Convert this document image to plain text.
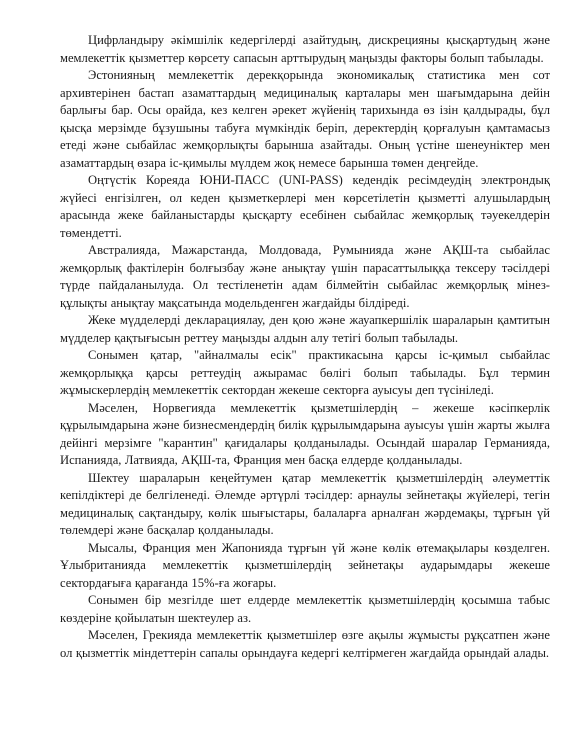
Цифрландыру әкімшілік кедергілерді азайтудың, дискрецияны қысқартудың және мемлекеттік қызметтер көрсету сапасын арттырудың маңызды факторы болып табылады.

Эстонияның мемлекеттік дерекқорында экономикалық статистика мен сот архивтерінен бастап азаматтардың медициналық карталары мен шағымдарына дейін барлығы бар. Осы орайда, кез келген әрекет жүйенің тарихында өз ізін қалдырады, бұл қысқа мерзімде бұзушыны табуға мүмкіндік беріп, деректердің қорғалуын қамтамасыз етеді және сыбайлас жемқорлықты барынша азайтады. Оның үстіне шенеуніктер мен азаматтардың өзара іс-қимылы мүлдем жоқ немесе барынша төмен деңгейде.

Оңтүстік Кореяда ЮНИ-ПАСС (UNI-PASS) кедендік ресімдеудің электрондық жүйесі енгізілген, ол кеден қызметкерлері мен көрсетілетін қызметті алушылардың арасында жеке байланыстарды қысқарту есебінен сыбайлас жемқорлық тәуекелдерін төмендетті.

Австралияда, Мажарстанда, Молдовада, Румынияда және АҚШ-та сыбайлас жемқорлық фактілерін болғызбау және анықтау үшін парасаттылыққа тексеру тәсілдері түрде пайдаланылуда. Ол тестіленетін адам білмейтін сыбайлас жемқорлық мінез-құлықты анықтау мақсатында модельденген жағдайды білдіреді.

Жеке мүдделерді декларациялау, ден қою және жауапкершілік шараларын қамтитын мүдделер қақтығысын реттеу маңызды алдын алу тетігі болып табылады.

Сонымен қатар, "айналмалы есік" практикасына қарсы іс-қимыл сыбайлас жемқорлыққа қарсы реттеудің ажырамас бөлігі болып табылады. Бұл термин жұмыскерлердің мемлекеттік сектордан жекеше секторға ауысуы деп түсініледі.

Мәселен, Норвегияда мемлекеттік қызметшілердің – жекеше кәсіпкерлік құрылымдарына және бизнесмендердің билік құрылымдарына ауысуы үшін жарты жылға дейінгі мерзімге "карантин" қағидалары қолданылады. Осындай шаралар Германияда, Испанияда, Латвияда, АҚШ-та, Франция мен басқа елдерде қолданылады.

Шектеу шараларын кеңейтумен қатар мемлекеттік қызметшілердің әлеуметтік кепілдіктері де белгіленеді. Әлемде әртүрлі тәсілдер: арнаулы зейнетақы жүйелері, тегін медициналық сақтандыру, көлік шығыстары, балаларға арналған жәрдемақы, тұрғын үй төлемдері және басқалар қолданылады.

Мысалы, Франция мен Жапонияда тұрғын үй және көлік өтемақылары көзделген. Ұлыбританияда мемлекеттік қызметшілердің зейнетақы аударымдары жекеше сектордағыға қарағанда 15%-ға жоғары.

Сонымен бір мезгілде шет елдерде мемлекеттік қызметшілердің қосымша табыс көздеріне қойылатын шектеулер аз.

Мәселен, Грекияда мемлекеттік қызметшілер өзге ақылы жұмысты рұқсатпен және ол қызметтік міндеттерін сапалы орындауға кедергі келтірмеген жағдайда орындай алады.
